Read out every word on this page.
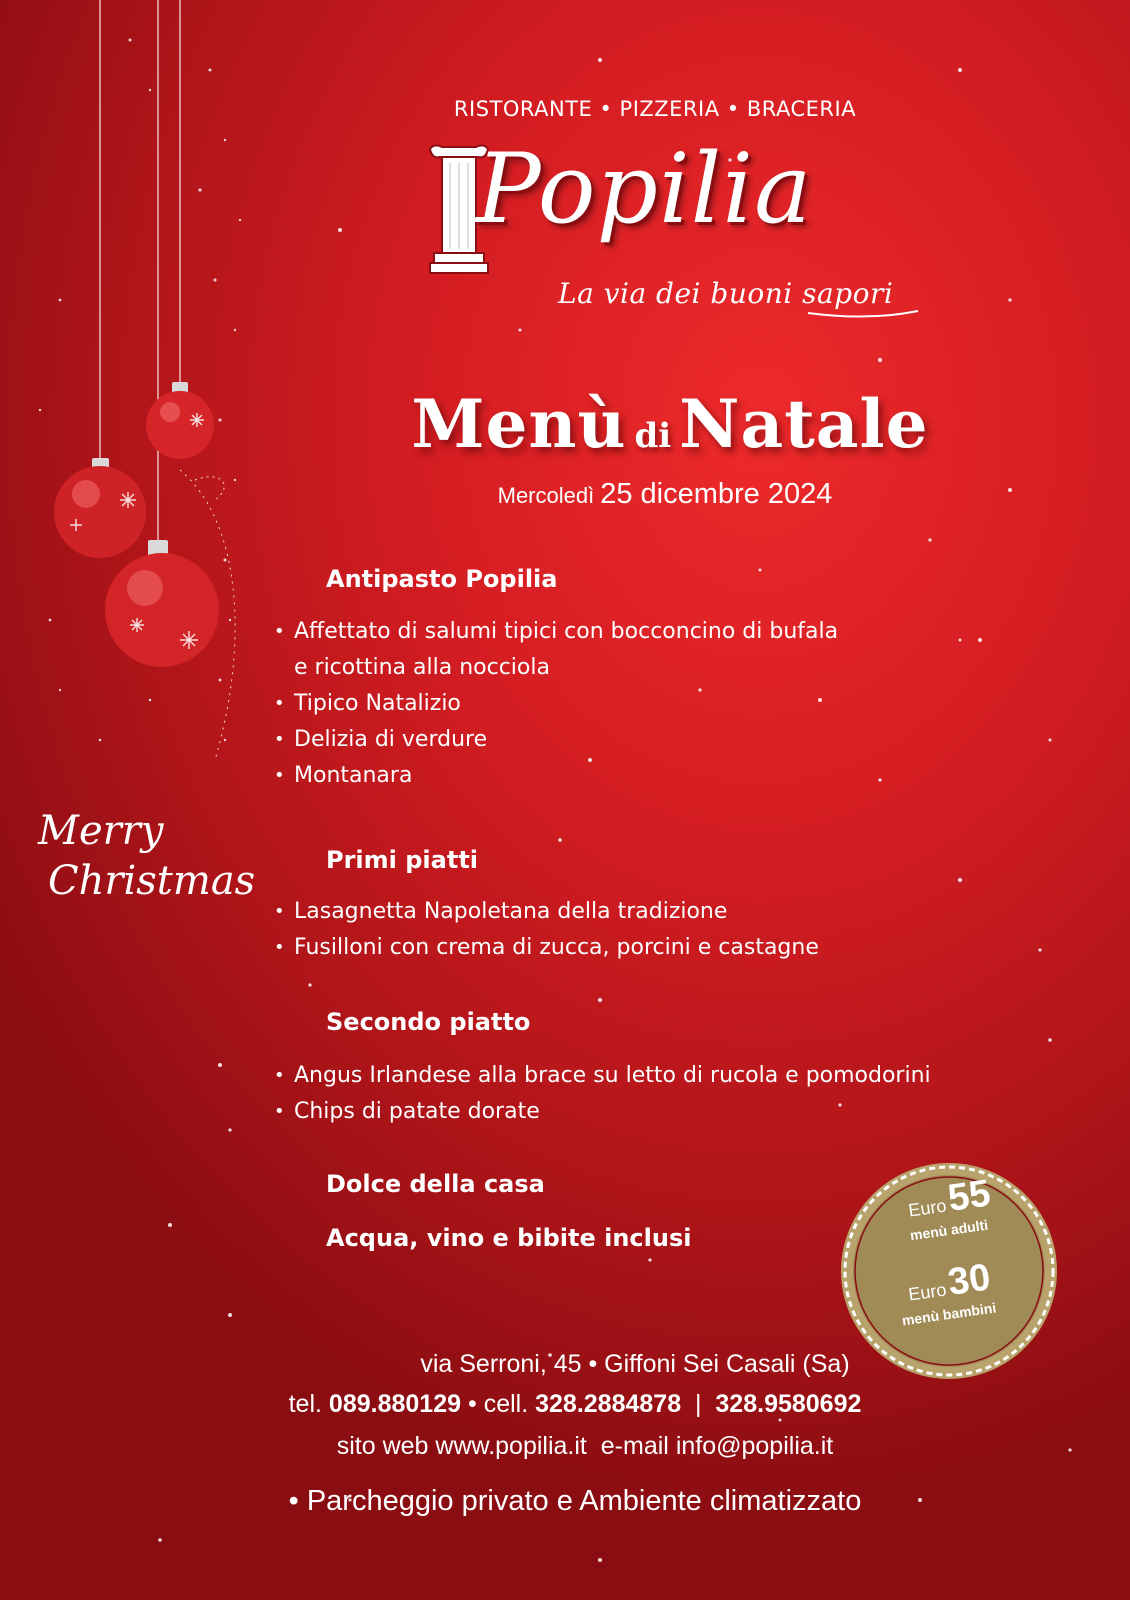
RISTORANTE • PIZZERIA • BRACERIA
Popilia
La via dei buoni sapori
Menù di Natale
Mercoledì 25 dicembre 2024
Antipasto Popilia
• Affettato di salumi tipici con bocconcino di bufala
e ricottina alla nocciola
• Tipico Natalizio
• Delizia di verdure
• Montanara
Primi piatti
• Lasagnetta Napoletana della tradizione
• Fusilloni con crema di zucca, porcini e castagne
Secondo piatto
• Angus Irlandese alla brace su letto di rucola e pomodorini
• Chips di patate dorate
Dolce della casa
Acqua, vino e bibite inclusi
Euro55
menù adulti
Euro30
menù bambini
Merry
Christmas
via Serroni, 45 • Giffoni Sei Casali (Sa)
tel. 089.880129 • cell. 328.2884878 | 328.9580692
sito web www.popilia.it e-mail info@popilia.it
• Parcheggio privato e Ambiente climatizzato
